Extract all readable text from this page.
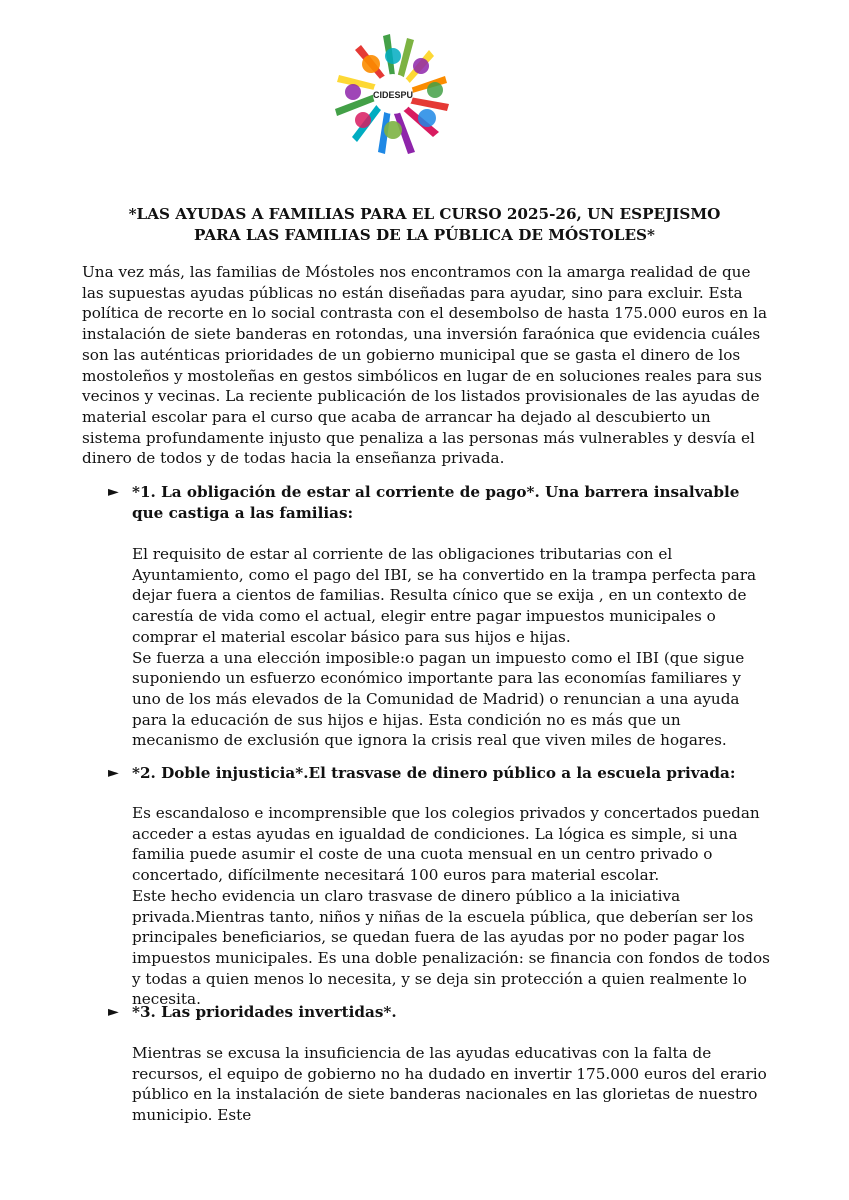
CIDESPU
*LAS AYUDAS A FAMILIAS PARA EL CURSO 2025-26, UN ESPEJISMO
PARA LAS FAMILIAS DE LA PÚBLICA DE MÓSTOLES*

Una vez más, las familias de Móstoles nos encontramos con la amarga realidad de que las supuestas ayudas públicas no están diseñadas para ayudar, sino para excluir. Esta política de recorte en lo social contrasta con el desembolso de hasta 175.000 euros en la instalación de siete banderas en rotondas, una inversión faraónica que evidencia cuáles son las auténticas prioridades de un gobierno municipal que se gasta el dinero de los mostoleños y mostoleñas en gestos simbólicos en lugar de en soluciones reales para sus vecinos y vecinas. La reciente publicación de los listados provisionales de las ayudas de material escolar para el curso que acaba de arrancar ha dejado al descubierto un sistema profundamente injusto que penaliza a las personas más vulnerables y desvía el dinero de todos y de todas hacia la enseñanza privada.

► *1. La obligación de estar al corriente de pago*. Una barrera insalvable que castiga a las familias:

El requisito de estar al corriente de las obligaciones tributarias con el Ayuntamiento, como el pago del IBI, se ha convertido en la trampa perfecta para dejar fuera a cientos de familias. Resulta cínico que se exija , en un contexto de carestía de vida como el actual, elegir entre pagar impuestos municipales o comprar el material escolar básico para sus hijos e hijas.

Se fuerza a una elección imposible:o pagan un impuesto como el IBI (que sigue suponiendo un esfuerzo económico importante para las economías familiares y uno de los más elevados de la Comunidad de Madrid) o renuncian a una ayuda para la educación de sus hijos e hijas. Esta condición no es más que un mecanismo de exclusión que ignora la crisis real que viven miles de hogares.

► *2. Doble injusticia*.El trasvase de dinero público a la escuela privada:

Es escandaloso e incomprensible que los colegios privados y concertados puedan acceder a estas ayudas en igualdad de condiciones. La lógica es simple, si una familia puede asumir el coste de una cuota mensual en un centro privado o concertado, difícilmente necesitará 100 euros para material escolar.

Este hecho evidencia un claro trasvase de dinero público a la iniciativa privada.Mientras tanto, niños y niñas de la escuela pública, que deberían ser los principales beneficiarios, se quedan fuera de las ayudas por no poder pagar los impuestos municipales. Es una doble penalización: se financia con fondos de todos y todas a quien menos lo necesita, y se deja sin protección a quien realmente lo necesita.

► *3. Las prioridades invertidas*.

Mientras se excusa la insuficiencia de las ayudas educativas con la falta de recursos, el equipo de gobierno no ha dudado en invertir 175.000 euros del erario público en la instalación de siete banderas nacionales en las glorietas de nuestro municipio. Este
